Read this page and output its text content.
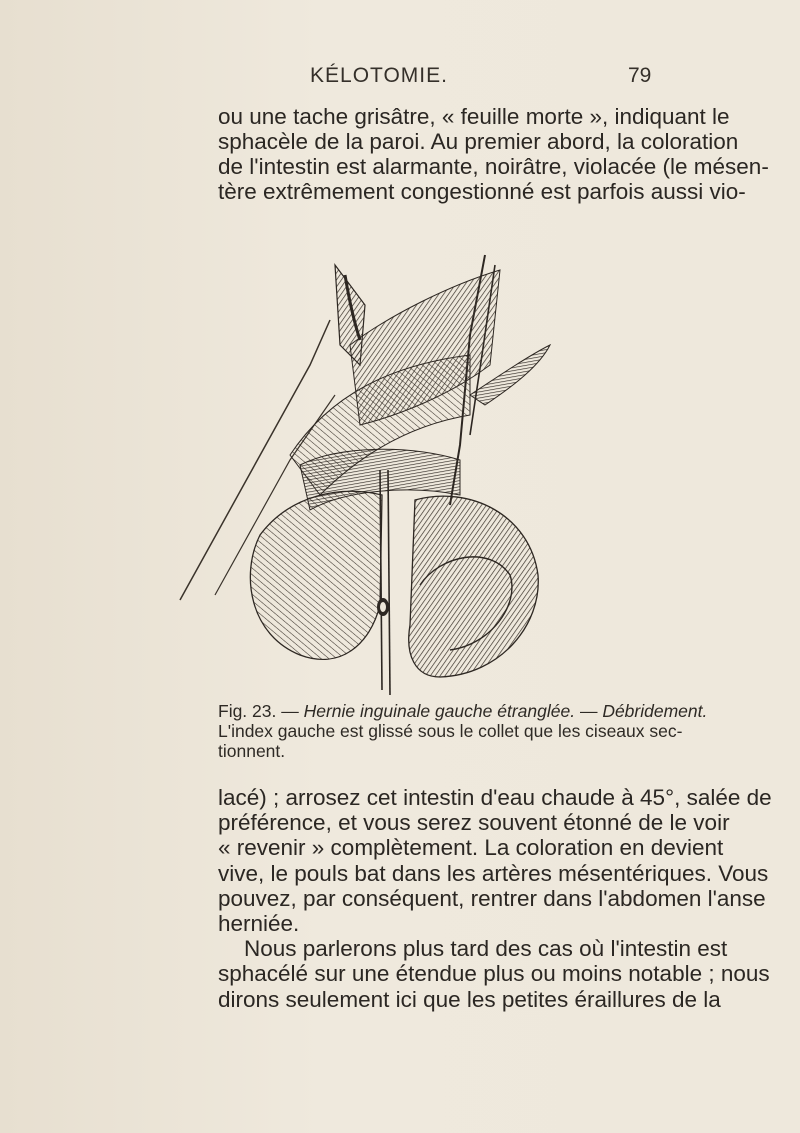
KÉLOTOMIE.	79
ou une tache grisâtre, « feuille morte », indiquant le
sphacèle de la paroi. Au premier abord, la coloration
de l'intestin est alarmante, noirâtre, violacée (le mésen-
tère extrêmement congestionné est parfois aussi vio-
Fig. 23. — Hernie inguinale gauche étranglée. — Débridement.
L'index gauche est glissé sous le collet que les ciseaux sec-
tionnent.
lacé) ; arrosez cet intestin d'eau chaude à 45°, salée de
préférence, et vous serez souvent étonné de le voir
« revenir » complètement. La coloration en devient
vive, le pouls bat dans les artères mésentériques. Vous
pouvez, par conséquent, rentrer dans l'abdomen l'anse
herniée.
Nous parlerons plus tard des cas où l'intestin est
sphacélé sur une étendue plus ou moins notable ; nous
dirons seulement ici que les petites éraillures de la
